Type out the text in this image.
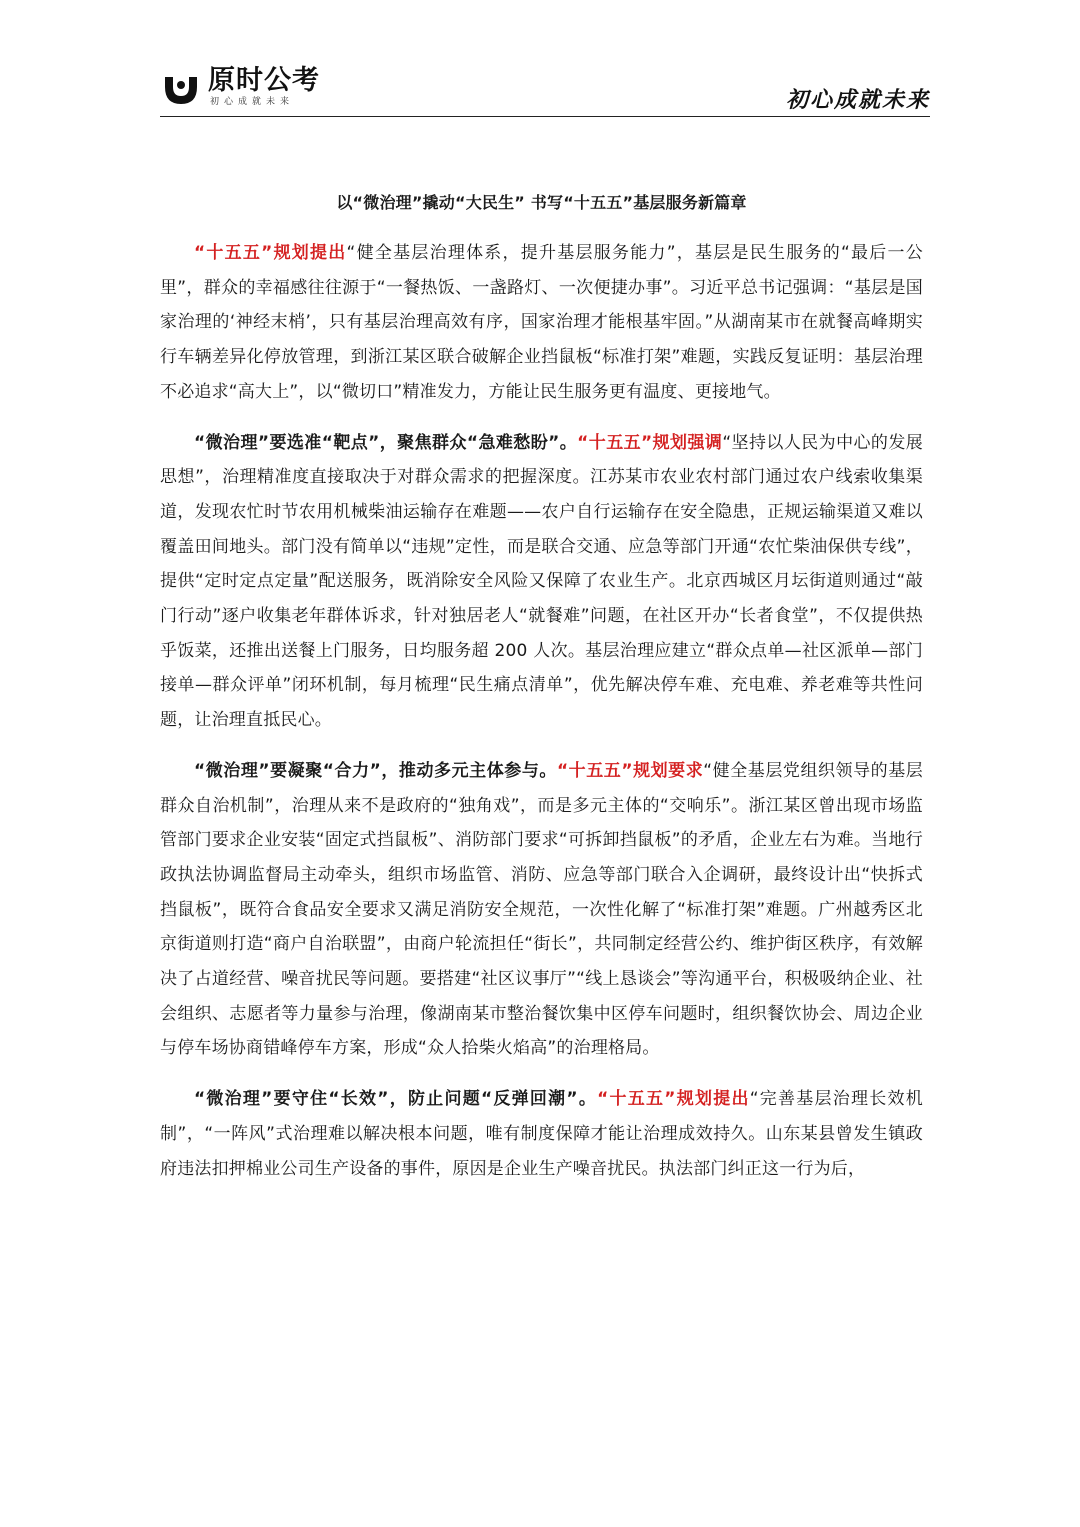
原时公考
初心成就未来	初心成就未来
以“微治理”撬动“大民生” 书写“十五五”基层服务新篇章

“十五五”规划提出“健全基层治理体系，提升基层服务能力”，基层是民生服务的“最后一公里”，群众的幸福感往往源于“一餐热饭、一盏路灯、一次便捷办事”。习近平总书记强调：“基层是国家治理的‘神经末梢’，只有基层治理高效有序，国家治理才能根基牢固。”从湖南某市在就餐高峰期实行车辆差异化停放管理，到浙江某区联合破解企业挡鼠板“标准打架”难题，实践反复证明：基层治理不必追求“高大上”，以“微切口”精准发力，方能让民生服务更有温度、更接地气。

“微治理”要选准“靶点”，聚焦群众“急难愁盼”。“十五五”规划强调“坚持以人民为中心的发展思想”，治理精准度直接取决于对群众需求的把握深度。江苏某市农业农村部门通过农户线索收集渠道，发现农忙时节农用机械柴油运输存在难题——农户自行运输存在安全隐患，正规运输渠道又难以覆盖田间地头。部门没有简单以“违规”定性，而是联合交通、应急等部门开通“农忙柴油保供专线”，提供“定时定点定量”配送服务，既消除安全风险又保障了农业生产。北京西城区月坛街道则通过“敲门行动”逐户收集老年群体诉求，针对独居老人“就餐难”问题，在社区开办“长者食堂”，不仅提供热乎饭菜，还推出送餐上门服务，日均服务超 200 人次。基层治理应建立“群众点单—社区派单—部门接单—群众评单”闭环机制，每月梳理“民生痛点清单”，优先解决停车难、充电难、养老难等共性问题，让治理直抵民心。

“微治理”要凝聚“合力”，推动多元主体参与。“十五五”规划要求“健全基层党组织领导的基层群众自治机制”，治理从来不是政府的“独角戏”，而是多元主体的“交响乐”。浙江某区曾出现市场监管部门要求企业安装“固定式挡鼠板”、消防部门要求“可拆卸挡鼠板”的矛盾，企业左右为难。当地行政执法协调监督局主动牵头，组织市场监管、消防、应急等部门联合入企调研，最终设计出“快拆式挡鼠板”，既符合食品安全要求又满足消防安全规范，一次性化解了“标准打架”难题。广州越秀区北京街道则打造“商户自治联盟”，由商户轮流担任“街长”，共同制定经营公约、维护街区秩序，有效解决了占道经营、噪音扰民等问题。要搭建“社区议事厅”“线上恳谈会”等沟通平台，积极吸纳企业、社会组织、志愿者等力量参与治理，像湖南某市整治餐饮集中区停车问题时，组织餐饮协会、周边企业与停车场协商错峰停车方案，形成“众人拾柴火焰高”的治理格局。

“微治理”要守住“长效”，防止问题“反弹回潮”。“十五五”规划提出“完善基层治理长效机制”，“一阵风”式治理难以解决根本问题，唯有制度保障才能让治理成效持久。山东某县曾发生镇政府违法扣押棉业公司生产设备的事件，原因是企业生产噪音扰民。执法部门纠正这一行为后，
